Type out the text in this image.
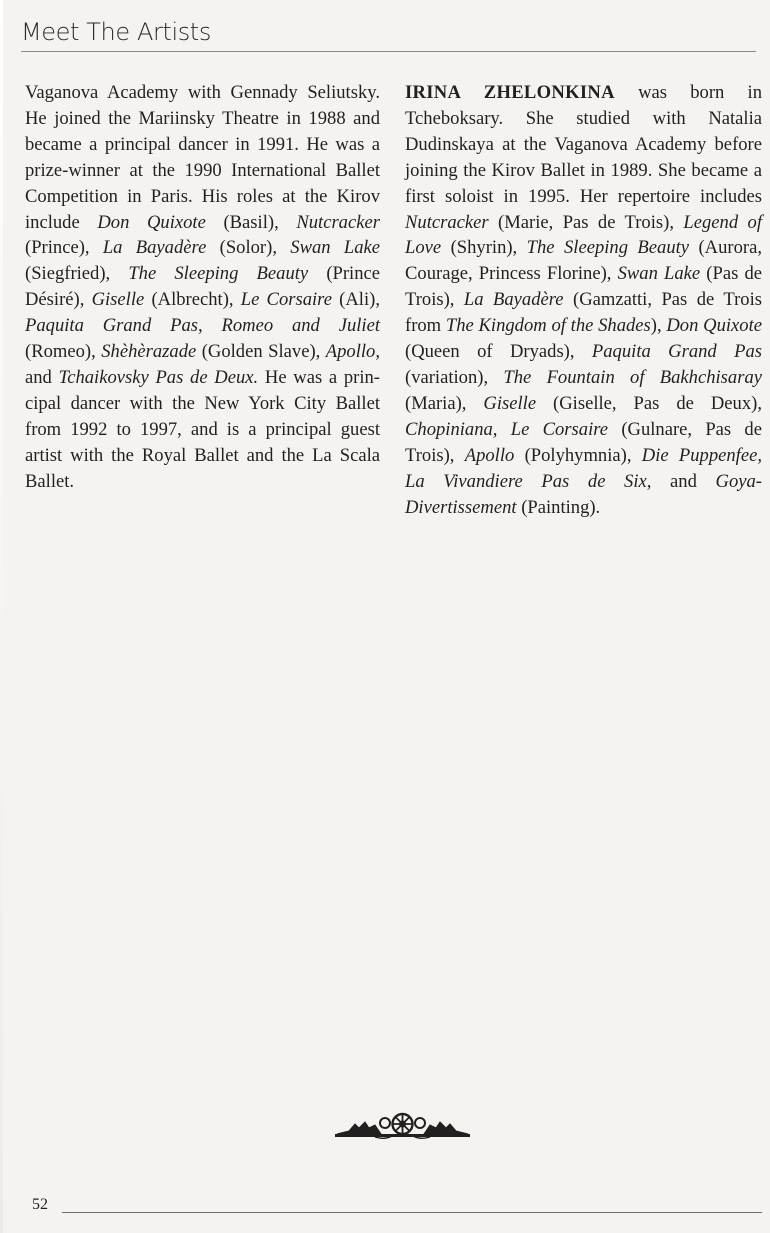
Meet The Artists

Vaganova Academy with Gennady Seliutsky. He joined the Mariinsky Theatre in 1988 and became a principal dancer in 1991. He was a prize-winner at the 1990 International Ballet Competition in Paris. His roles at the Kirov include Don Quixote (Basil), Nutcracker (Prince), La Bayadère (Solor), Swan Lake (Siegfried), The Sleeping Beauty (Prince Désiré), Giselle (Albrecht), Le Corsaire (Ali), Paquita Grand Pas, Romeo and Juliet (Romeo), Shèhèrazade (Golden Slave), Apollo, and Tchaikovsky Pas de Deux. He was a principal dancer with the New York City Ballet from 1992 to 1997, and is a principal guest artist with the Royal Ballet and the La Scala Ballet.

IRINA ZHELONKINA was born in Tcheboksary. She studied with Natalia Dudinskaya at the Vaganova Academy before joining the Kirov Ballet in 1989. She became a first soloist in 1995. Her repertoire includes Nutcracker (Marie, Pas de Trois), Legend of Love (Shyrin), The Sleeping Beauty (Aurora, Courage, Princess Florine), Swan Lake (Pas de Trois), La Bayadère (Gamzatti, Pas de Trois from The Kingdom of the Shades), Don Quixote (Queen of Dryads), Paquita Grand Pas (variation), The Fountain of Bakhchisaray (Maria), Giselle (Giselle, Pas de Deux), Chopiniana, Le Corsaire (Gulnare, Pas de Trois), Apollo (Polyhymnia), Die Puppenfee, La Vivandiere Pas de Six, and Goya-Divertissement (Painting).

52
